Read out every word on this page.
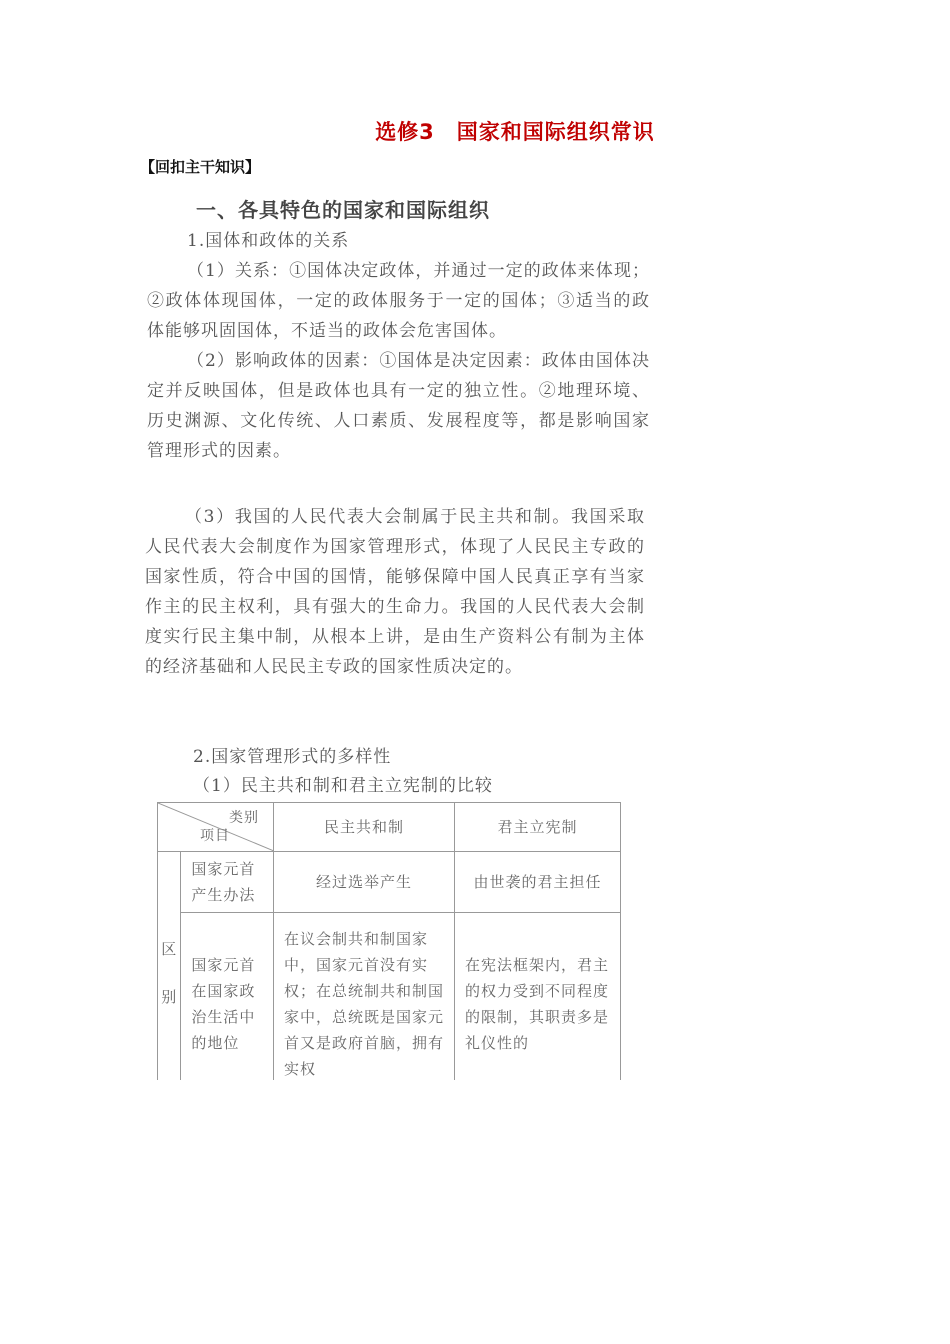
选修3　国家和国际组织常识
【回扣主干知识】
一、各具特色的国家和国际组织

1.国体和政体的关系

（1）关系：①国体决定政体，并通过一定的政体来体现；②政体体现国体，一定的政体服务于一定的国体；③适当的政体能够巩固国体，不适当的政体会危害国体。

（2）影响政体的因素：①国体是决定因素：政体由国体决定并反映国体，但是政体也具有一定的独立性。②地理环境、历史渊源、文化传统、人口素质、发展程度等，都是影响国家管理形式的因素。

（3）我国的人民代表大会制属于民主共和制。我国采取人民代表大会制度作为国家管理形式，体现了人民民主专政的国家性质，符合中国的国情，能够保障中国人民真正享有当家作主的民主权利，具有强大的生命力。我国的人民代表大会制度实行民主集中制，从根本上讲，是由生产资料公有制为主体的经济基础和人民民主专政的国家性质决定的。

2.国家管理形式的多样性
（1）民主共和制和君主立宪制的比较
类别
项目		民主共和制	君主立宪制
区别	国家元首产生办法	经过选举产生	由世袭的君主担任
	国家元首在国家政治生活中的地位	在议会制共和制国家中，国家元首没有实权；在总统制共和制国家中，总统既是国家元首又是政府首脑，拥有实权	在宪法框架内，君主的权力受到不同程度的限制，其职责多是礼仪性的
